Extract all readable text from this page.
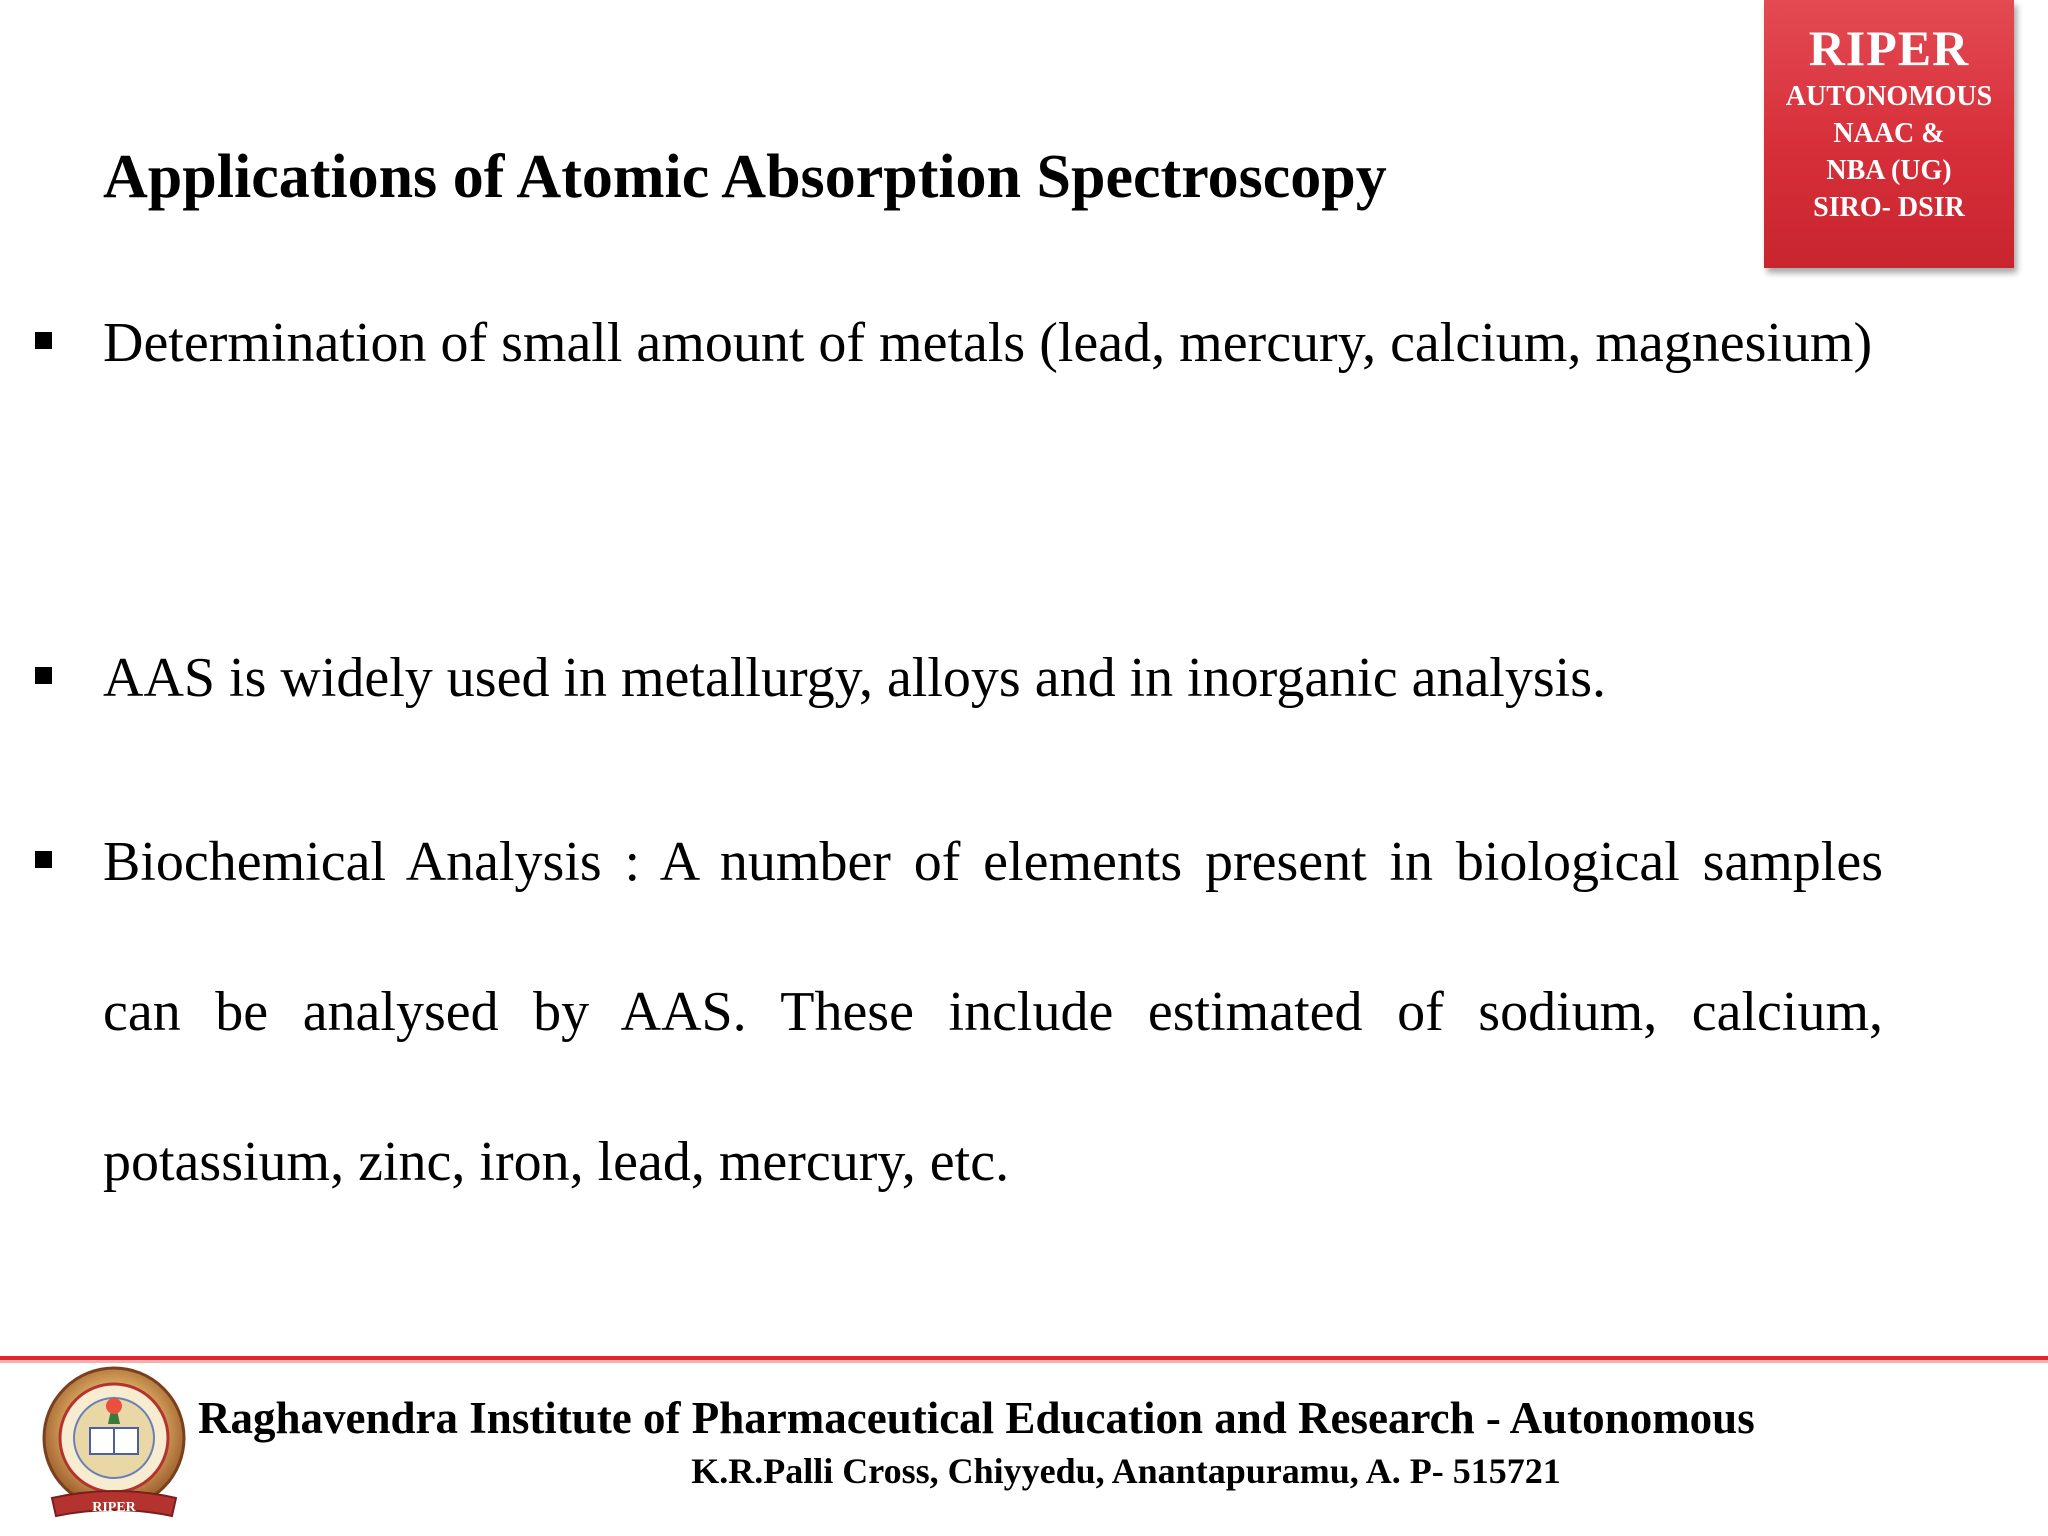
Applications of Atomic Absorption Spectroscopy
RIPER
AUTONOMOUS
NAAC &
NBA (UG)
SIRO- DSIR
Determination of small amount of metals (lead, mercury, calcium, magnesium)
AAS is widely used in metallurgy, alloys and in inorganic analysis.
Biochemical Analysis : A number of elements present in biological samples can be analysed by AAS. These include estimated of sodium, calcium, potassium, zinc, iron, lead, mercury, etc.
RIPER
Raghavendra Institute of Pharmaceutical Education and Research - Autonomous
K.R.Palli Cross, Chiyyedu, Anantapuramu, A. P- 515721
